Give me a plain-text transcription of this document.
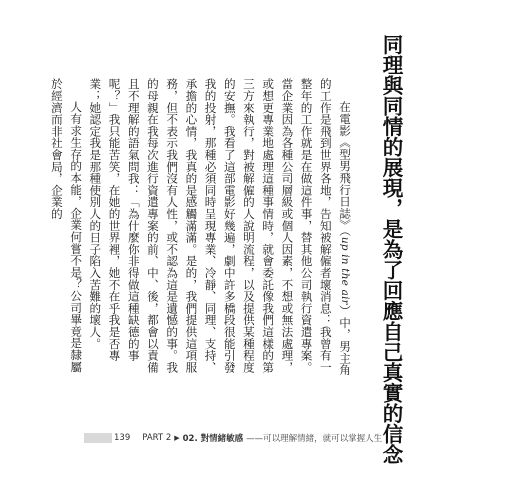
同理與同情的展現，是為了回應自己真實的信念

在電影《型男飛行日誌》（up in the air）中，男主角的工作是飛到世界各地，告知被解僱者壞消息：我曾有一整年的工作就是在做這件事，替其他公司執行資遣專案。當企業因為各種公司層級或個人因素，不想或無法處理，或想更專業地處理這種事情時，就會委託像我們這樣的第三方來執行，對被解僱的人說明流程，以及提供某種程度的安撫。我看了這部電影好幾遍，劇中許多橋段很能引發我的投射，那種必須同時呈現專業、冷靜、同理、支持、承擔的心情，我真的是感觸滿滿。是的，我們提供這項服務，但不表示我們沒有人性，或不認為這是遺憾的事。我的母親在我每次進行資遣專案的前、中、後，都會以責備且不理解的語氣問我：「為什麼你非得做這種缺德的事呢？」我只能苦笑，在她的世界裡，她不在乎我是否專業；她認定我是那種使別人的日子陷入苦難的壞人。

人有求生存的本能，企業何嘗不是？公司畢竟是隸屬於經濟而非社會局，企業的

139 PART 2 ▶ 02. 對情緒敏感 ——可以理解情緒，就可以掌握人生
